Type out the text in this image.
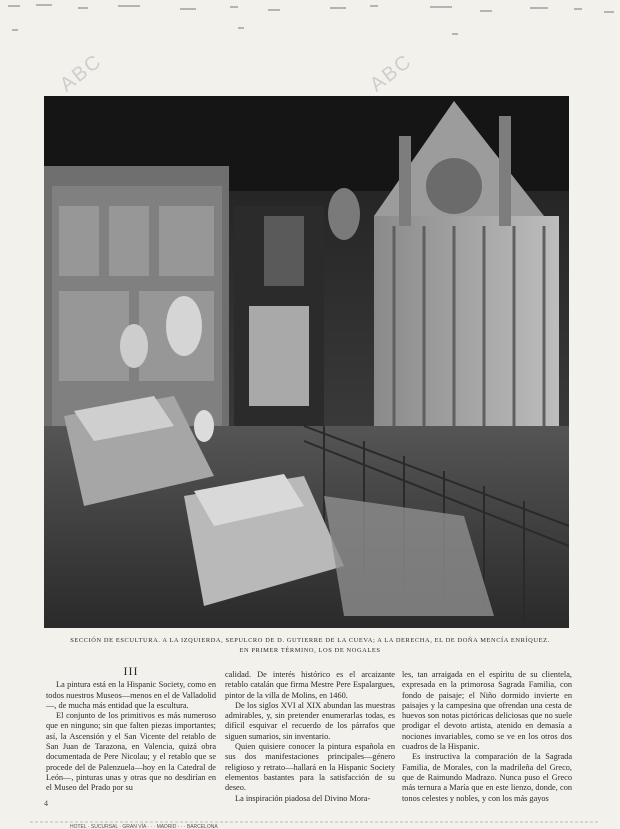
ABC	ABC
SECCIÓN DE ESCULTURA. A LA IZQUIERDA, SEPULCRO DE D. GUTIERRE DE LA CUEVA; A LA DERECHA, EL DE DOÑA MENCÍA ENRÍQUEZ.
EN PRIMER TÉRMINO, LOS DE NOGALES
III

La pintura está en la Hispanic Society, como en todos nuestros Museos—menos en el de Valladolid—, de mucha más entidad que la escultura.

El conjunto de los primitivos es más numeroso que en ninguno; sin que falten piezas importantes; así, la Ascensión y el San Vicente del retablo de San Juan de Tarazona, en Valencia, quizá obra documentada de Pere Nicolau; y el retablo que se procede del de Palenzuela—hoy en la Catedral de León—, pinturas unas y otras que no desdirían en el Museo del Prado por su

calidad. De interés histórico es el arcaizante retablo catalán que firma Mestre Pere Espalargues, pintor de la villa de Molins, en 1460.

De los siglos XVI al XIX abundan las muestras admirables, y, sin pretender enumerarlas todas, es difícil esquivar el recuerdo de los párrafos que siguen sumarios, sin inventario.

Quien quisiere conocer la pintura española en sus dos manifestaciones principales—género religioso y retrato—hallará en la Hispanic Society elementos bastantes para la satisfacción de su deseo.

La inspiración piadosa del Divino Mora-

les, tan arraigada en el espíritu de su clientela, expresada en la primorosa Sagrada Familia, con fondo de paisaje; el Niño dormido invierte en paisajes y la campesina que ofrendan una cesta de huevos son notas pictóricas deliciosas que no suele prodigar el devoto artista, atenido en demasía a nociones invariables, como se ve en los otros dos cuadros de la Hispanic.

Es instructiva la comparación de la Sagrada Familia, de Morales, con la madrileña del Greco, que de Raimundo Madrazo. Nunca puso el Greco más ternura a María que en este lienzo, donde, con tonos celestes y nobles, y con los más gayos

4
HOTEL · SUCURSAL · GRAN VÍA · · · MADRID · · · BARCELONA
